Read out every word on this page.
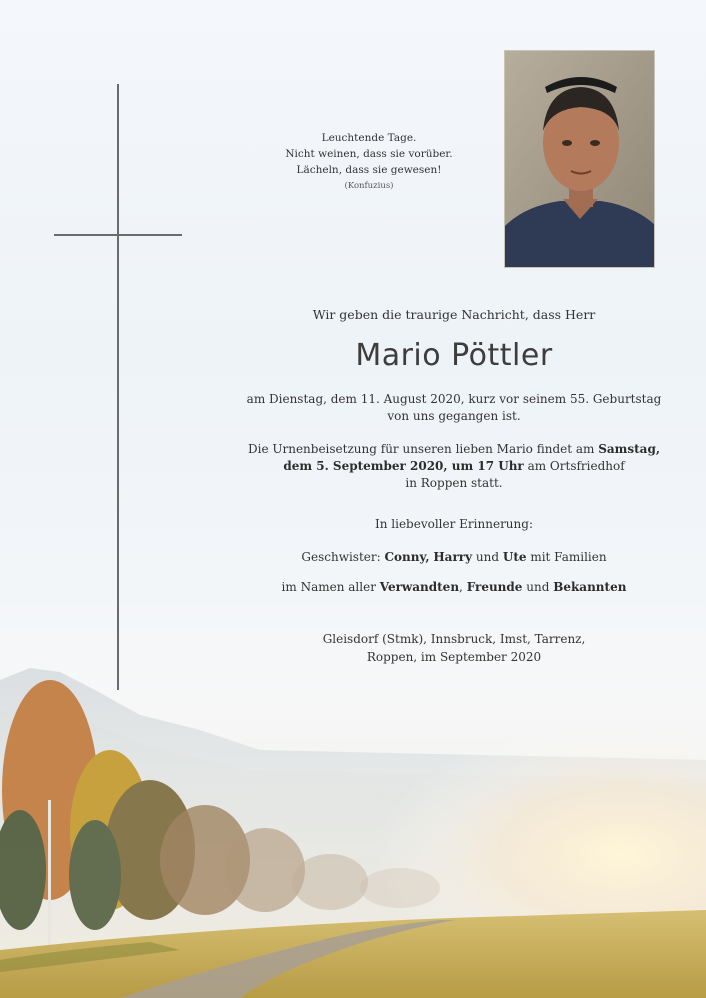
Leuchtende Tage.
Nicht weinen, dass sie vorüber.
Lächeln, dass sie gewesen!
(Konfuzius)
Wir geben die traurige Nachricht, dass Herr
Mario Pöttler
am Dienstag, dem 11. August 2020, kurz vor seinem 55. Geburtstag
von uns gegangen ist.
Die Urnenbeisetzung für unseren lieben Mario findet am Samstag,
dem 5. September 2020, um 17 Uhr am Ortsfriedhof
in Roppen statt.
In liebevoller Erinnerung:
Geschwister: Conny, Harry und Ute mit Familien
im Namen aller Verwandten, Freunde und Bekannten
Gleisdorf (Stmk), Innsbruck, Imst, Tarrenz,
Roppen, im September 2020
